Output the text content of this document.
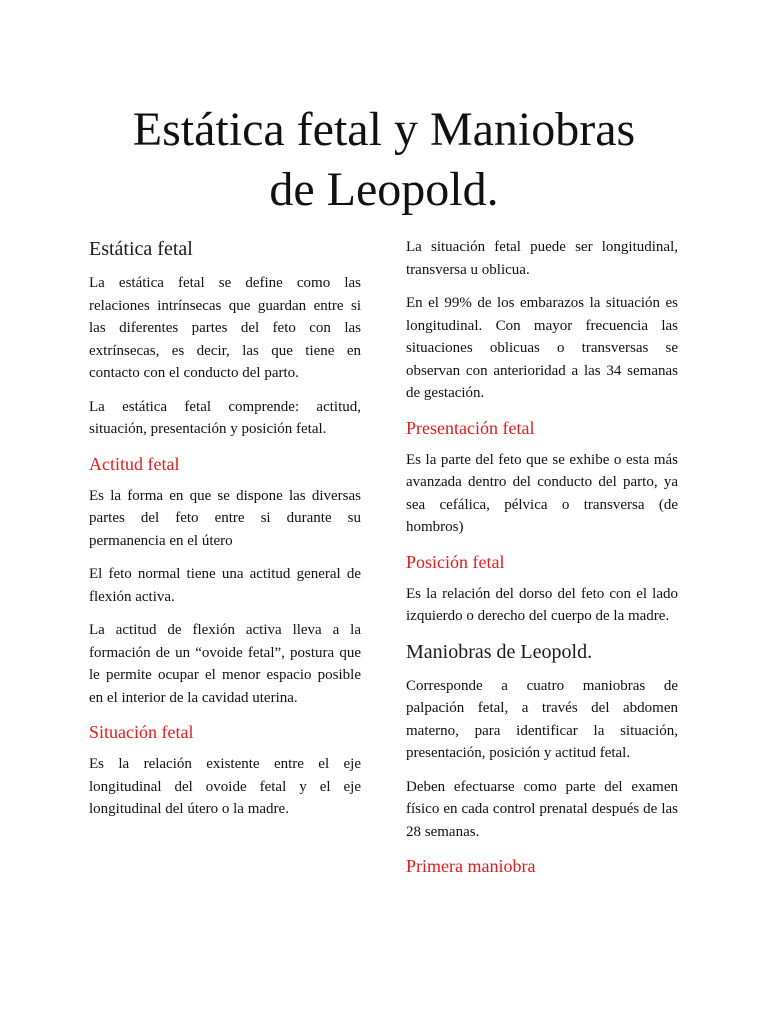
Estática fetal y Maniobras
de Leopold.
Estática fetal

La estática fetal se define como las relaciones intrínsecas que guardan entre si las diferentes partes del feto con las extrínsecas, es decir, las que tiene en contacto con el conducto del parto.

La estática fetal comprende: actitud, situación, presentación y posición fetal.

Actitud fetal

Es la forma en que se dispone las diversas partes del feto entre si durante su permanencia en el útero

El feto normal tiene una actitud general de flexión activa.

La actitud de flexión activa lleva a la formación de un “ovoide fetal”, postura que le permite ocupar el menor espacio posible en el interior de la cavidad uterina.

Situación fetal

Es la relación existente entre el eje longitudinal del ovoide fetal y el eje longitudinal del útero o la madre.

La situación fetal puede ser longitudinal, transversa u oblicua.

En el 99% de los embarazos la situación es longitudinal. Con mayor frecuencia las situaciones oblicuas o transversas se observan con anterioridad a las 34 semanas de gestación.

Presentación fetal

Es la parte del feto que se exhibe o esta más avanzada dentro del conducto del parto, ya sea cefálica, pélvica o transversa (de hombros)

Posición fetal

Es la relación del dorso del feto con el lado izquierdo o derecho del cuerpo de la madre.

Maniobras de Leopold.

Corresponde a cuatro maniobras de palpación fetal, a través del abdomen materno, para identificar la situación, presentación, posición y actitud fetal.

Deben efectuarse como parte del examen físico en cada control prenatal después de las 28 semanas.

Primera maniobra
